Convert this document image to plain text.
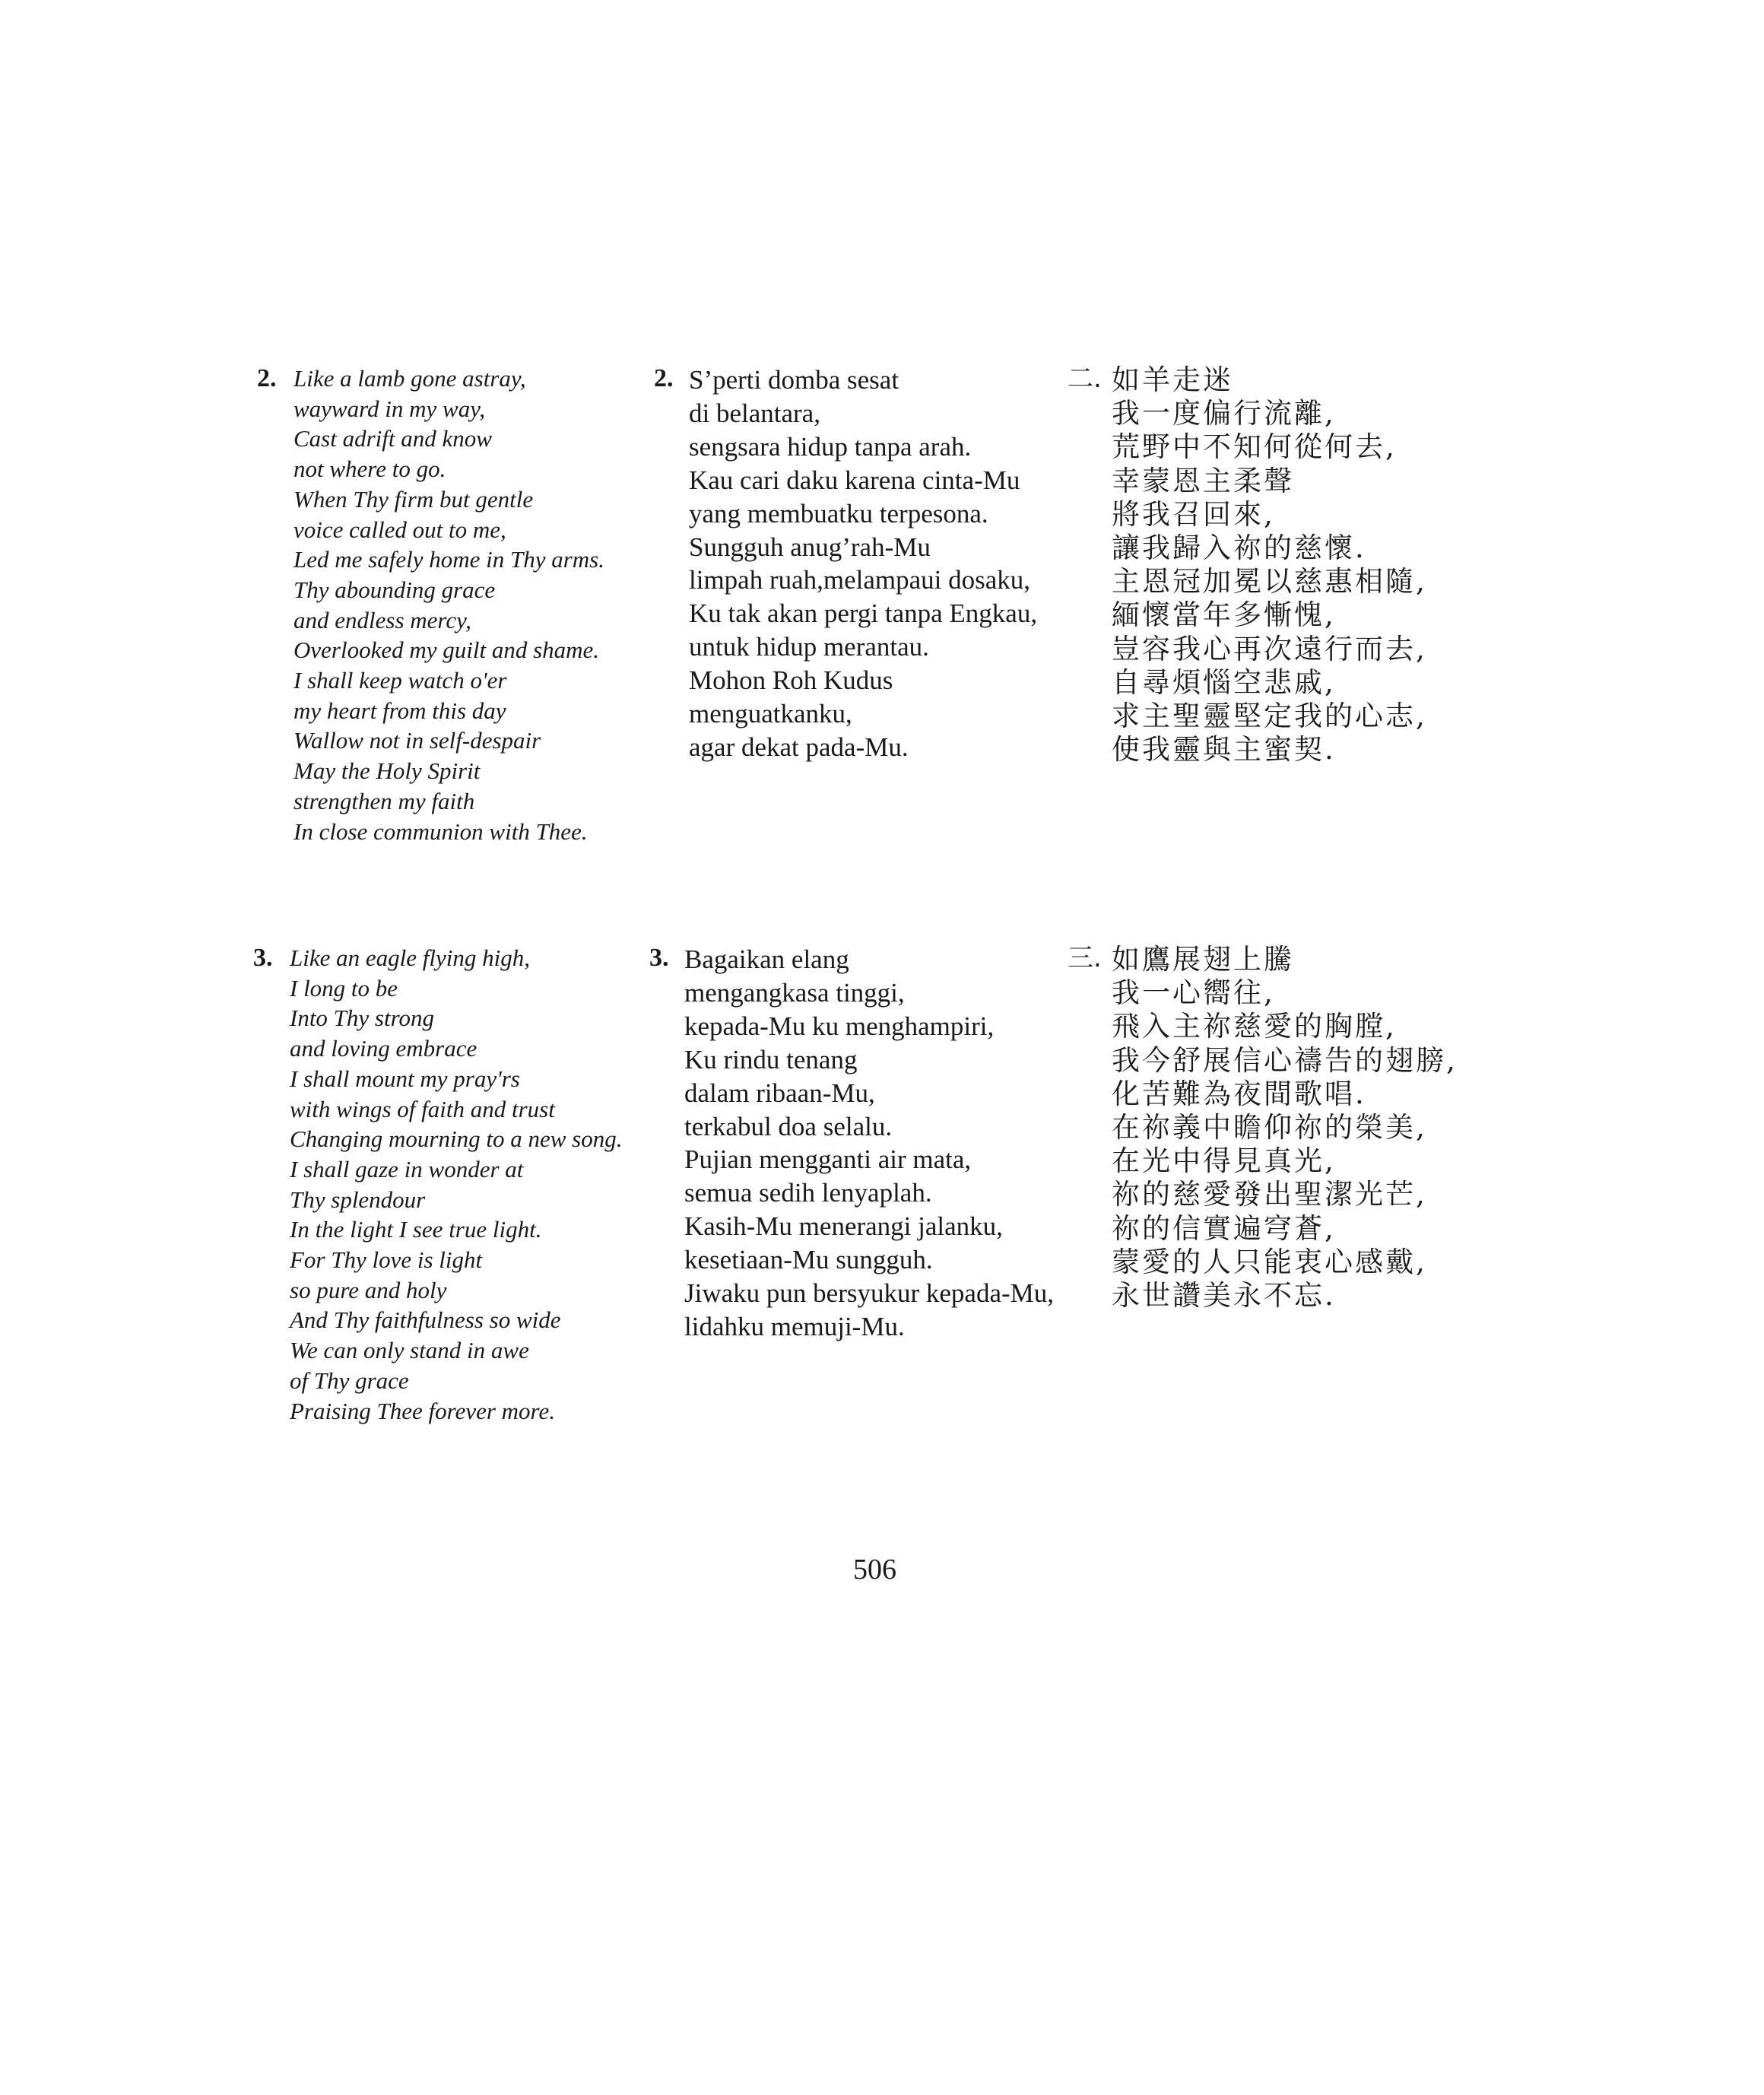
2. Like a lamb gone astray,
wayward in my way,
Cast adrift and know
not where to go.
When Thy firm but gentle
voice called out to me,
Led me safely home in Thy arms.
Thy abounding grace
and endless mercy,
Overlooked my guilt and shame.
I shall keep watch o'er
my heart from this day
Wallow not in self-despair
May the Holy Spirit
strengthen my faith
In close communion with Thee.
2. S’perti domba sesat
di belantara,
sengsara hidup tanpa arah.
Kau cari daku karena cinta-Mu
yang membuatku terpesona.
Sungguh anug’rah-Mu
limpah ruah,melampaui dosaku,
Ku tak akan pergi tanpa Engkau,
untuk hidup merantau.
Mohon Roh Kudus
menguatkanku,
agar dekat pada-Mu.
二. 如羊走迷
我一度偏行流離,
荒野中不知何從何去,
幸蒙恩主柔聲
將我召回來,
讓我歸入祢的慈懷.
主恩冠加冕以慈惠相隨,
緬懷當年多慚愧,
豈容我心再次遠行而去,
自尋煩惱空悲戚,
求主聖靈堅定我的心志,
使我靈與主蜜契.
3. Like an eagle flying high,
I long to be
Into Thy strong
and loving embrace
I shall mount my pray'rs
with wings of faith and trust
Changing mourning to a new song.
I shall gaze in wonder at
Thy splendour
In the light I see true light.
For Thy love is light
so pure and holy
And Thy faithfulness so wide
We can only stand in awe
of Thy grace
Praising Thee forever more.
3. Bagaikan elang
mengangkasa tinggi,
kepada-Mu ku menghampiri,
Ku rindu tenang
dalam ribaan-Mu,
terkabul doa selalu.
Pujian mengganti air mata,
semua sedih lenyaplah.
Kasih-Mu menerangi jalanku,
kesetiaan-Mu sungguh.
Jiwaku pun bersyukur kepada-Mu,
lidahku memuji-Mu.
三. 如鷹展翅上騰
我一心嚮往,
飛入主祢慈愛的胸膛,
我今舒展信心禱告的翅膀,
化苦難為夜間歌唱.
在祢義中瞻仰祢的榮美,
在光中得見真光,
祢的慈愛發出聖潔光芒,
祢的信實遍穹蒼,
蒙愛的人只能衷心感戴,
永世讚美永不忘.
506
